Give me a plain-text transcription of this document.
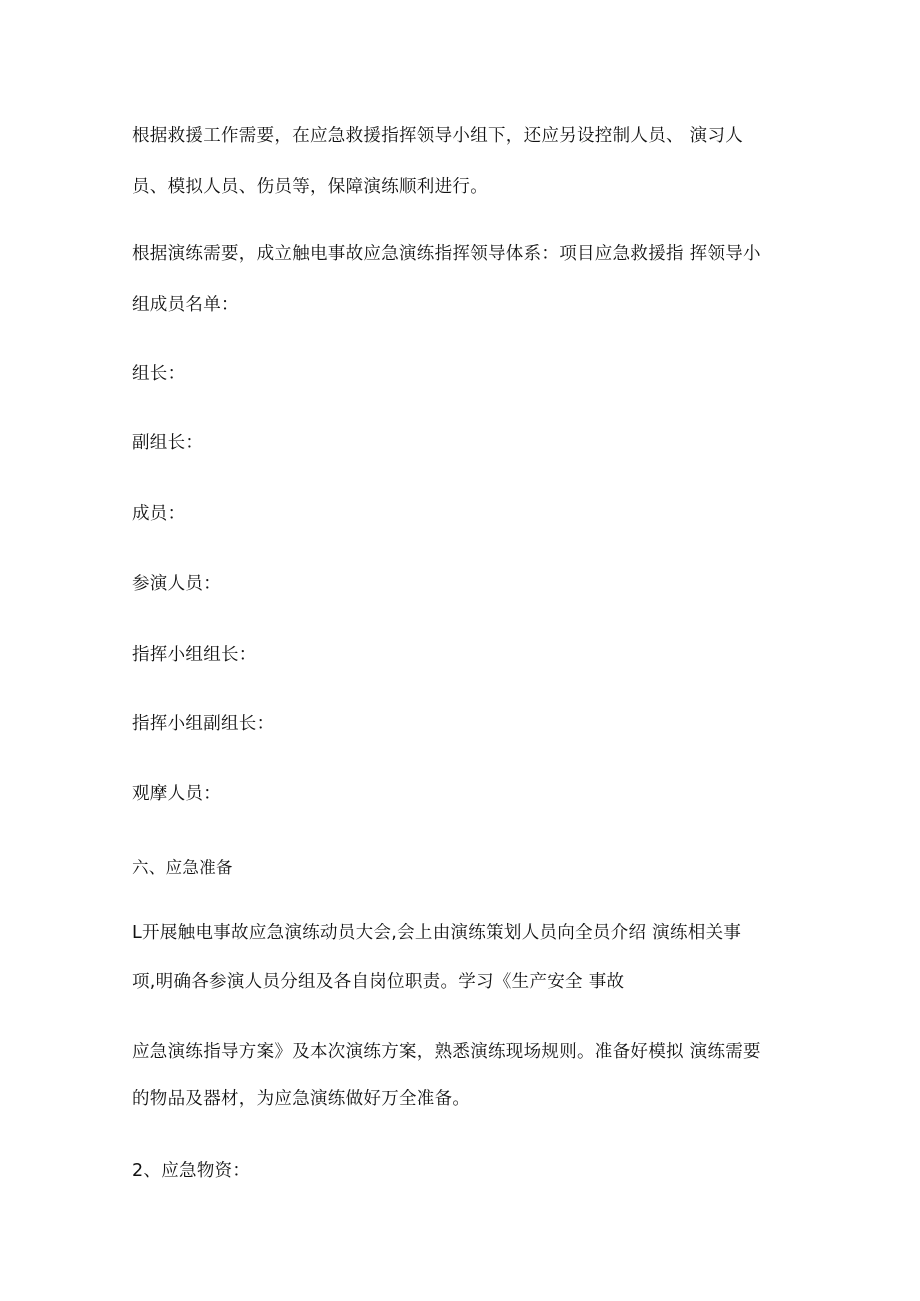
根据救援工作需要，在应急救援指挥领导小组下，还应另设控制人员、 演习人
员、模拟人员、伤员等，保障演练顺利进行。
根据演练需要，成立触电事故应急演练指挥领导体系：项目应急救援指 挥领导小
组成员名单：
组长：
副组长：
成员：
参演人员：
指挥小组组长：
指挥小组副组长：
观摩人员：
六、应急准备
L开展触电事故应急演练动员大会,会上由演练策划人员向全员介绍 演练相关事
项,明确各参演人员分组及各自岗位职责。学习《生产安全 事故
应急演练指导方案》及本次演练方案，熟悉演练现场规则。准备好模拟 演练需要
的物品及器材，为应急演练做好万全准备。
2、应急物资：
